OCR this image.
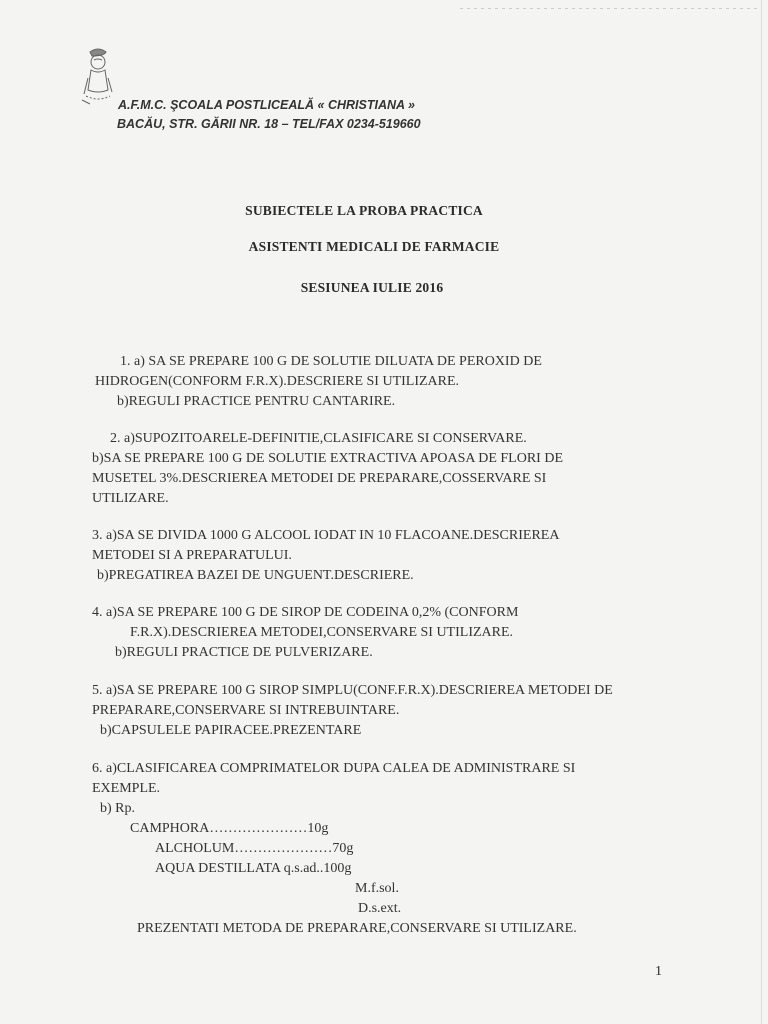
A.F.M.C. ŞCOALA POSTLICEALĂ « CHRISTIANA »
BACĂU, STR. GĂRII NR. 18 – TEL/FAX 0234-519660
SUBIECTELE LA PROBA PRACTICA
ASISTENTI MEDICALI DE FARMACIE
SESIUNEA IULIE 2016
1. a) SA SE PREPARE 100 G DE SOLUTIE DILUATA DE PEROXID DE
HIDROGEN(CONFORM F.R.X).DESCRIERE SI UTILIZARE.
b)REGULI PRACTICE PENTRU CANTARIRE.
2. a)SUPOZITOARELE-DEFINITIE,CLASIFICARE SI CONSERVARE.
b)SA SE PREPARE 100 G DE SOLUTIE EXTRACTIVA APOASA DE FLORI DE
MUSETEL 3%.DESCRIEREA METODEI DE PREPARARE,COSSERVARE SI
UTILIZARE.
3. a)SA SE DIVIDA 1000 G ALCOOL IODAT IN 10 FLACOANE.DESCRIEREA
METODEI SI A PREPARATULUI.
b)PREGATIREA BAZEI DE UNGUENT.DESCRIERE.
4. a)SA SE PREPARE 100 G DE SIROP DE CODEINA 0,2% (CONFORM
F.R.X).DESCRIEREA METODEI,CONSERVARE SI UTILIZARE.
b)REGULI PRACTICE DE PULVERIZARE.
5. a)SA SE PREPARE 100 G SIROP SIMPLU(CONF.F.R.X).DESCRIEREA METODEI DE
PREPARARE,CONSERVARE SI INTREBUINTARE.
b)CAPSULELE PAPIRACEE.PREZENTARE
6. a)CLASIFICAREA COMPRIMATELOR DUPA CALEA DE ADMINISTRARE SI
EXEMPLE.
b) Rp.
CAMPHORA…………………10g
ALCHOLUM…………………70g
AQUA DESTILLATA q.s.ad..100g
M.f.sol.
D.s.ext.
PREZENTATI METODA DE PREPARARE,CONSERVARE SI UTILIZARE.
1
